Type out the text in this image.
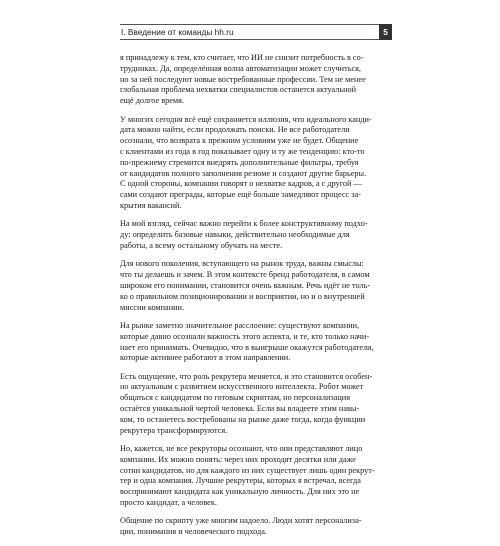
I. Введение от команды hh.ru	5
я принадлежу к тем, кто считает, что ИИ не снизит потребность в со-
трудниках. Да, определённая волна автоматизации может случиться,
но за ней последуют новые востребованные профессии. Тем не менее
глобальная проблема нехватки специалистов останется актуальной
ещё долгое время.
У многих сегодня всё ещё сохраняется иллюзия, что идеального канди-
дата можно найти, если продолжать поиски. Не все работодатели
осознали, что возврата к прежним условиям уже не будет. Общение
с клиентами из года в год показывает одну и ту же тенденцию: кто-то
по-прежнему стремится внедрять дополнительные фильтры, требуя
от кандидатов полного заполнения резюме и создают другие барьеры.
С одной стороны, компании говорят о нехватке кадров, а с другой —
сами создают преграды, которые ещё больше замедляют процесс за-
крытия вакансий.
На мой взгляд, сейчас важно перейти к более конструктивному подхо-
ду: определить базовые навыки, действительно необходимые для
работы, а всему остальному обучать на месте.
Для нового поколения, вступающего на рынок труда, важны смыслы:
что ты делаешь и зачем. В этом контексте бренд работодателя, в самом
широком его понимании, становится очень важным. Речь идёт не толь-
ко о правильном позиционировании и восприятии, но и о внутренней
миссии компании.
На рынке заметно значительное расслоение: существуют компании,
которые давно осознали важность этого аспекта, и те, кто только начи-
нает его принимать. Очевидно, что в выигрыше окажутся работодатели,
которые активнее работают в этом направлении.
Есть ощущение, что роль рекрутера меняется, и это становится особен-
но актуальным с развитием искусственного интеллекта. Робот может
общаться с кандидатом по готовым скриптам, но персонализация
остаётся уникальной чертой человека. Если вы владеете этим навы-
ком, то останетесь востребованы на рынке даже тогда, когда функции
рекрутера трансформируются.
Но, кажется, не все рекруторы осознают, что они представляют лицо
компании. Их можно понять: через них проходят десятки или даже
сотни кандидатов, но для каждого из них существует лишь один рекрут-
тер и одна компания. Лучшие рекрутеры, которых я встречал, всегда
воспринимают кандидата как уникальную личность. Для них это не
просто кандидат, а человек.
Общение по скрипту уже многим надоело. Люди хотят персонализа-
ции, понимания и человеческого подхода.
